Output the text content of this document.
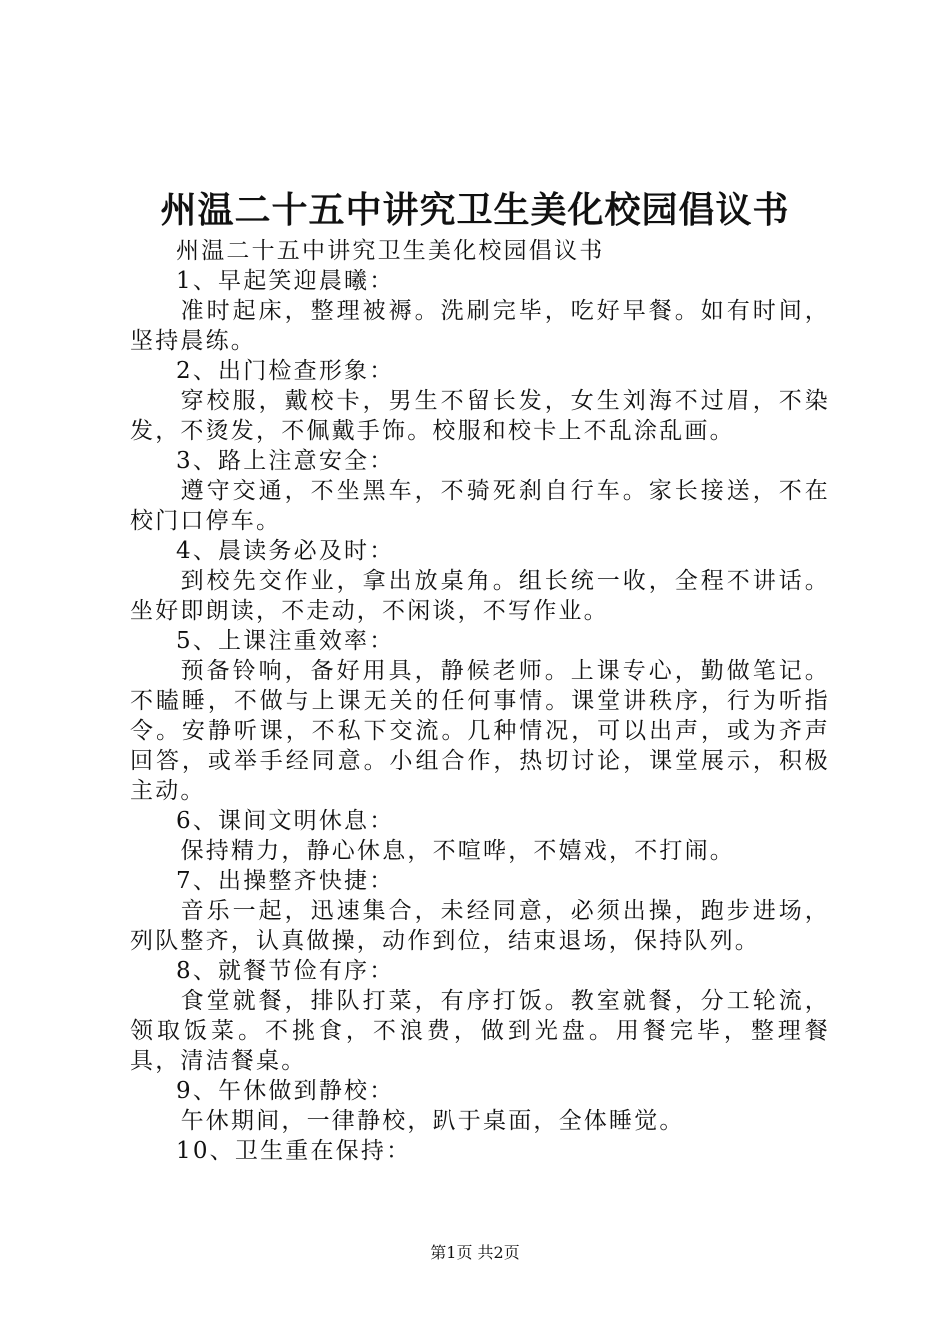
州温二十五中讲究卫生美化校园倡议书

州温二十五中讲究卫生美化校园倡议书

1、早起笑迎晨曦：

准时起床，整理被褥。洗刷完毕，吃好早餐。如有时间，坚持晨练。

2、出门检查形象：

穿校服，戴校卡，男生不留长发，女生刘海不过眉，不染发，不烫发，不佩戴手饰。校服和校卡上不乱涂乱画。

3、路上注意安全：

遵守交通，不坐黑车，不骑死刹自行车。家长接送，不在校门口停车。

4、晨读务必及时：

到校先交作业，拿出放桌角。组长统一收，全程不讲话。坐好即朗读，不走动，不闲谈，不写作业。

5、上课注重效率：

预备铃响，备好用具，静候老师。上课专心，勤做笔记。不瞌睡，不做与上课无关的任何事情。课堂讲秩序，行为听指令。安静听课，不私下交流。几种情况，可以出声，或为齐声回答，或举手经同意。小组合作，热切讨论，课堂展示，积极主动。

6、课间文明休息：

保持精力，静心休息，不喧哗，不嬉戏，不打闹。

7、出操整齐快捷：

音乐一起，迅速集合，未经同意，必须出操，跑步进场，列队整齐，认真做操，动作到位，结束退场，保持队列。

8、就餐节俭有序：

食堂就餐，排队打菜，有序打饭。教室就餐，分工轮流，领取饭菜。不挑食，不浪费，做到光盘。用餐完毕，整理餐具，清洁餐桌。

9、午休做到静校：

午休期间，一律静校，趴于桌面，全体睡觉。

10、卫生重在保持：

第1页 共2页
